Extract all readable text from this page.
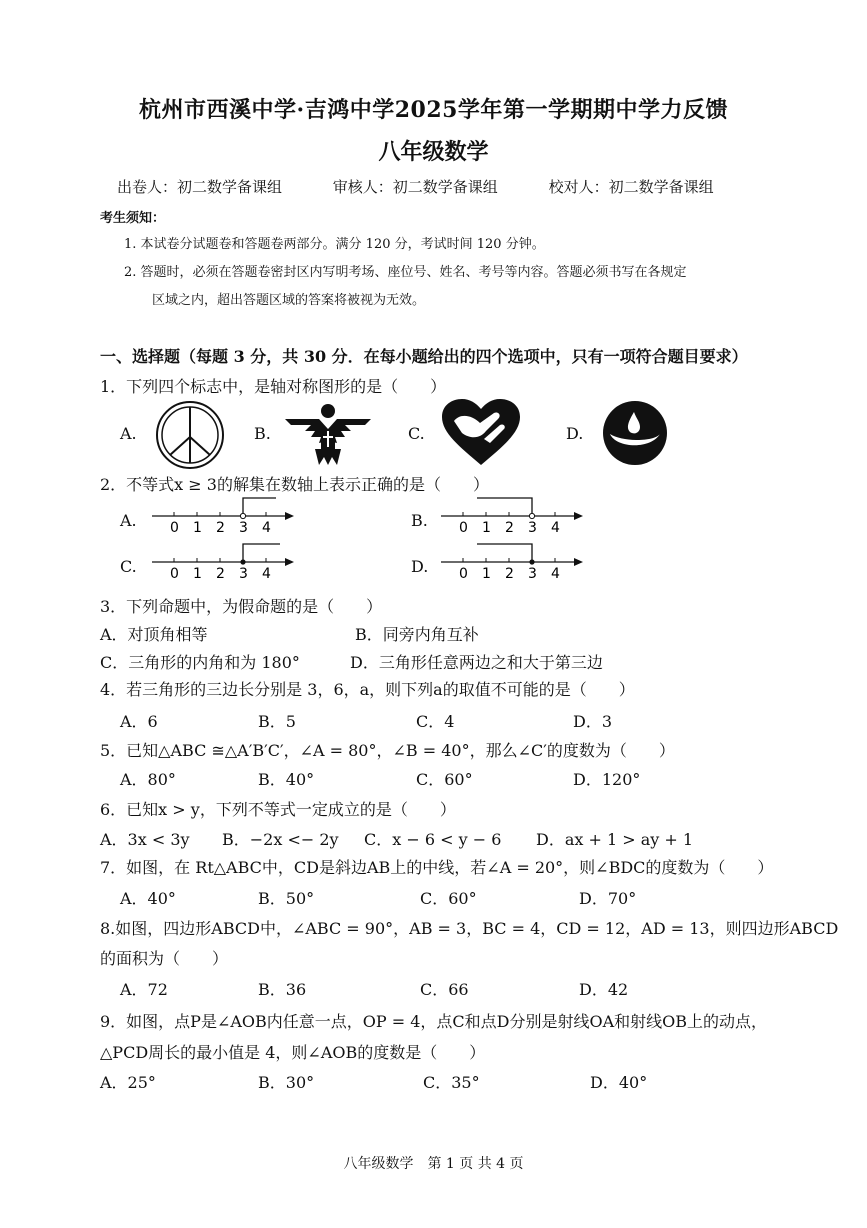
杭州市西溪中学·吉鸿中学2025学年第一学期期中学力反馈
八年级数学
出卷人：初二数学备课组	审核人：初二数学备课组	校对人：初二数学备课组
考生须知：
1. 本试卷分试题卷和答题卷两部分。满分 120 分，考试时间 120 分钟。
2. 答题时，必须在答题卷密封区内写明考场、座位号、姓名、考号等内容。答题必须书写在各规定
区域之内，超出答题区域的答案将被视为无效。
一、选择题（每题 3 分，共 30 分．在每小题给出的四个选项中，只有一项符合题目要求）
1．下列四个标志中，是轴对称图形的是（　　）
A.	B.	C.	D.
2．不等式x ≥ 3的解集在数轴上表示正确的是（　　）
A. 0 1 2 3 4	B. 0 1 2 3 4
C. 0 1 2 3 4	D. 0 1 2 3 4
3．下列命题中，为假命题的是（　　）
A．对顶角相等	B．同旁内角互补
C．三角形的内角和为 180°	D．三角形任意两边之和大于第三边
4．若三角形的三边长分别是 3，6，a，则下列a的取值不可能的是（　　）
A．6	B．5	C．4	D．3
5．已知△ABC ≅△A′B′C′，∠A = 80°，∠B = 40°，那么∠C′的度数为（　　）
A．80°	B．40°	C．60°	D．120°
6．已知x > y，下列不等式一定成立的是（　　）
A．3x < 3y B．−2x <− 2y C．x − 6 < y − 6 D．ax + 1 > ay + 1
7．如图，在 Rt△ABC中，CD是斜边AB上的中线，若∠A = 20°，则∠BDC的度数为（　　）
A．40°	B．50°	C．60°	D．70°
8.如图，四边形ABCD中，∠ABC = 90°，AB = 3，BC = 4，CD = 12，AD = 13，则四边形ABCD
的面积为（　　）
A．72	B．36	C．66	D．42
9．如图，点P是∠AOB内任意一点，OP = 4，点C和点D分别是射线OA和射线OB上的动点，
△PCD周长的最小值是 4，则∠AOB的度数是（　　）
A．25°	B．30°	C．35°	D．40°
八年级数学　第 1 页 共 4 页
